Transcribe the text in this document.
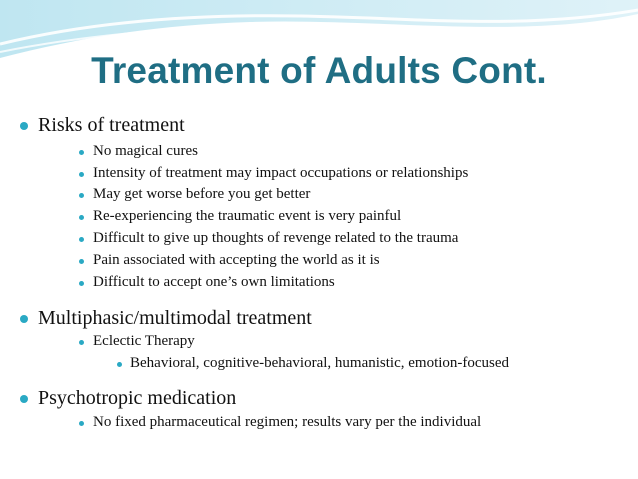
Treatment of Adults Cont.
Risks of treatment
No magical cures
Intensity of treatment may impact occupations or relationships
May get worse before you get better
Re-experiencing the traumatic event is very painful
Difficult to give up thoughts of revenge related to the trauma
Pain associated with accepting the world as it is
Difficult to accept one’s own limitations
Multiphasic/multimodal treatment
Eclectic Therapy
Behavioral, cognitive-behavioral, humanistic, emotion-focused
Psychotropic medication
No fixed pharmaceutical regimen; results vary per the individual
